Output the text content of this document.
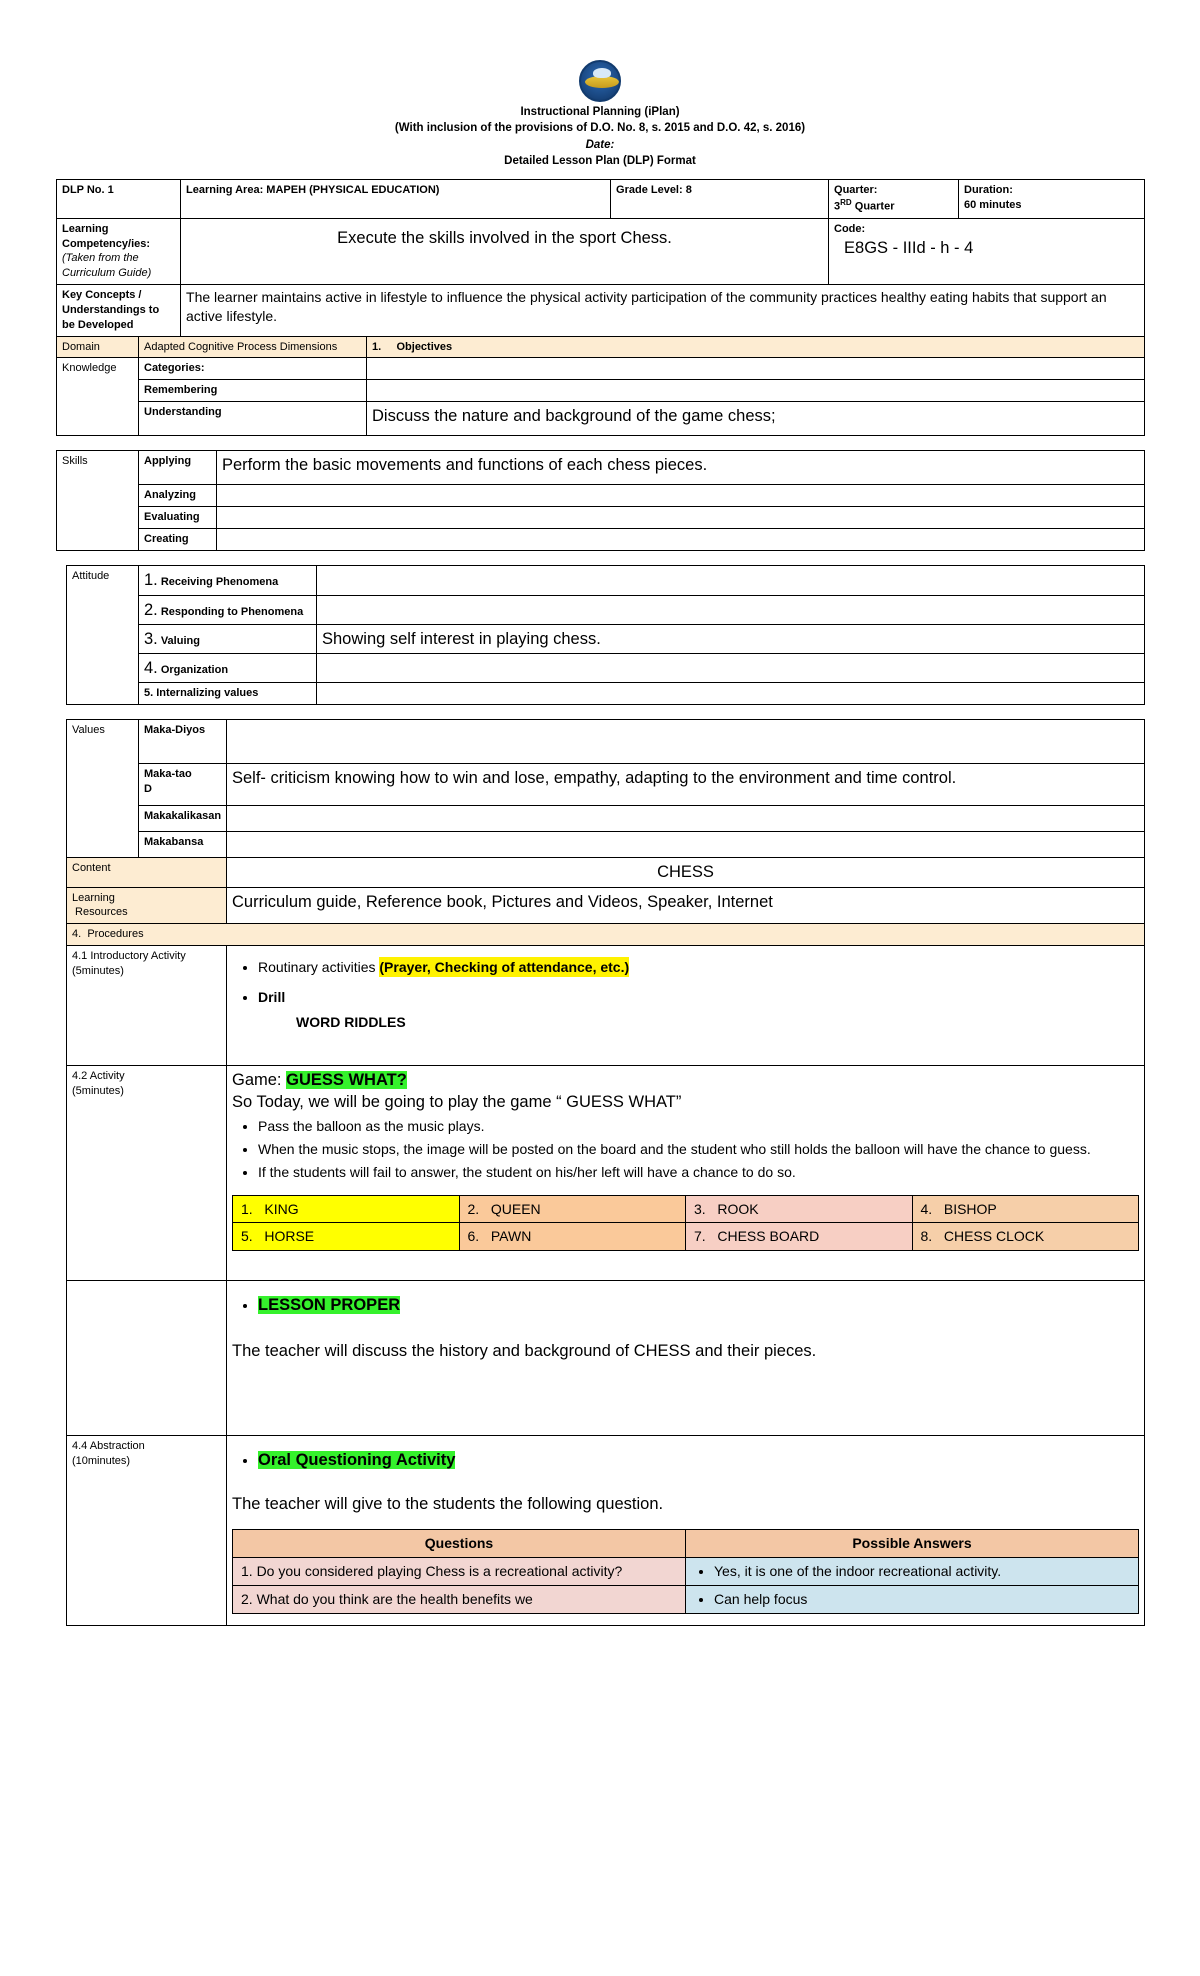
Instructional Planning (iPlan)
(With inclusion of the provisions of D.O. No. 8, s. 2015 and D.O. 42, s. 2016)
Date:
Detailed Lesson Plan (DLP) Format
DLP No. 1		Learning Area: MAPEH (PHYSICAL EDUCATION)		Grade Level: 8	Quarter:
3RD Quarter	Duration:
60 minutes

Learning Competency/ies:
(Taken from the Curriculum Guide)
	Execute the skills involved in the sport Chess.	Code:
E8GS - IIId - h - 4

Key Concepts / Understandings to be Developed		The learner maintains active in lifestyle to influence the physical activity participation of the community practices healthy eating habits that support an active lifestyle.				
Domain	Adapted Cognitive Process Dimensions		1. Objectives			
Knowledge	Categories:					
	Remembering					
	Understanding		Discuss the nature and background of the game chess;			
Skills	Applying	Perform the basic movements and functions of each chess pieces.
	Analyzing	
	Evaluating	
	Creating	
Attitude	1. Receiving Phenomena	
	2. Responding to Phenomena	
	3. Valuing	Showing self interest in playing chess.
	4. Organization	
	5. Internalizing values	
Values	Maka-Diyos	
Maka-tao
D	Self- criticism knowing how to win and lose, empathy, adapting to the environment and time control.
Makakalikasan	
Makabansa	
Content	CHESS
Learning
Resources	Curriculum guide, Reference book, Pictures and Videos, Speaker, Internet
4. Procedures

4.1 Introductory Activity
(5minutes)

•Routinary activities (Prayer, Checking of attendance, etc.)
• Drill
WORD RIDDLES

4.2 Activity
(5minutes)

Game: GUESS WHAT?
So Today, we will be going to play the game “ GUESS WHAT”
• Pass the balloon as the music plays.
• When the music stops, the image will be posted on the board and the student who still holds the balloon will have the chance to guess.
• If the students will fail to answer, the student on his/her left will have a chance to do so.
1. KING	2. QUEEN	3. ROOK	4. BISHOP
5. HORSE	6. PAWN	7. CHESS BOARD	8. CHESS CLOCK

• LESSON PROPER
The teacher will discuss the history and background of CHESS and their pieces.

4.4 Abstraction
(10minutes)

•Oral Questioning Activity
The teacher will give to the students the following question.
Questions	Possible Answers
1. Do you considered playing Chess is a recreational activity?	
•Yes, it is one of the indoor recreational activity.

2. What do you think are the health benefits we	
•Can help focus
